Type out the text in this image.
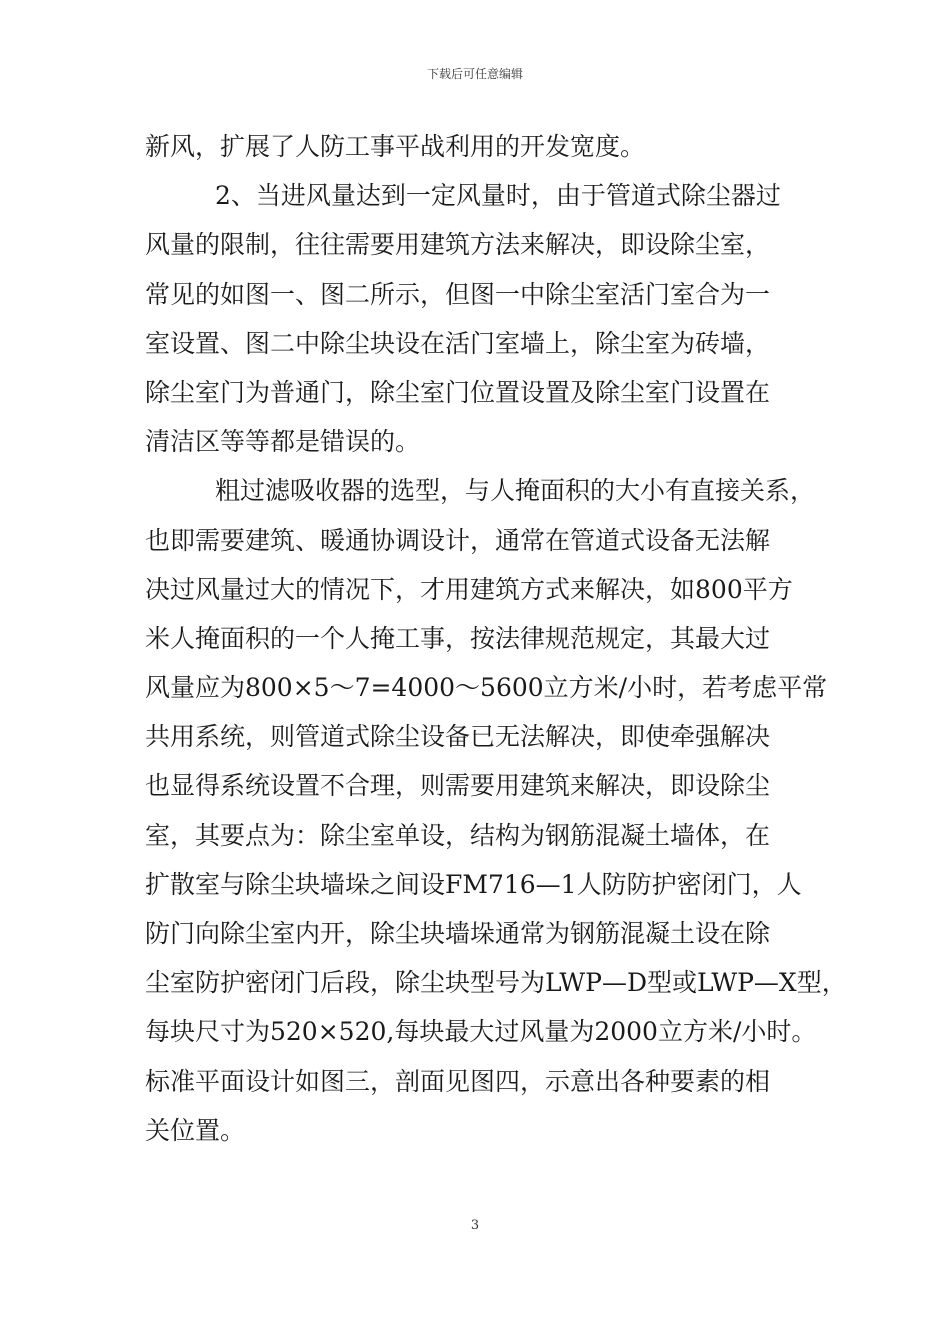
下载后可任意编辑
新风，扩展了人防工事平战利用的开发宽度。
2、当进风量达到一定风量时，由于管道式除尘器过
风量的限制，往往需要用建筑方法来解决，即设除尘室，
常见的如图一、图二所示，但图一中除尘室活门室合为一
室设置、图二中除尘块设在活门室墙上，除尘室为砖墙，
除尘室门为普通门，除尘室门位置设置及除尘室门设置在
清洁区等等都是错误的。
粗过滤吸收器的选型，与人掩面积的大小有直接关系，
也即需要建筑、暖通协调设计，通常在管道式设备无法解
决过风量过大的情况下，才用建筑方式来解决，如800平方
米人掩面积的一个人掩工事，按法律规范规定，其最大过
风量应为800×5～7=4000～5600立方米/小时，若考虑平常
共用系统，则管道式除尘设备已无法解决，即使牵强解决
也显得系统设置不合理，则需要用建筑来解决，即设除尘
室，其要点为：除尘室单设，结构为钢筋混凝土墙体，在
扩散室与除尘块墙垛之间设FM716—1人防防护密闭门，人
防门向除尘室内开，除尘块墙垛通常为钢筋混凝土设在除
尘室防护密闭门后段，除尘块型号为LWP—D型或LWP—X型，
每块尺寸为520×520,每块最大过风量为2000立方米/小时。
标准平面设计如图三，剖面见图四，示意出各种要素的相
关位置。
3
